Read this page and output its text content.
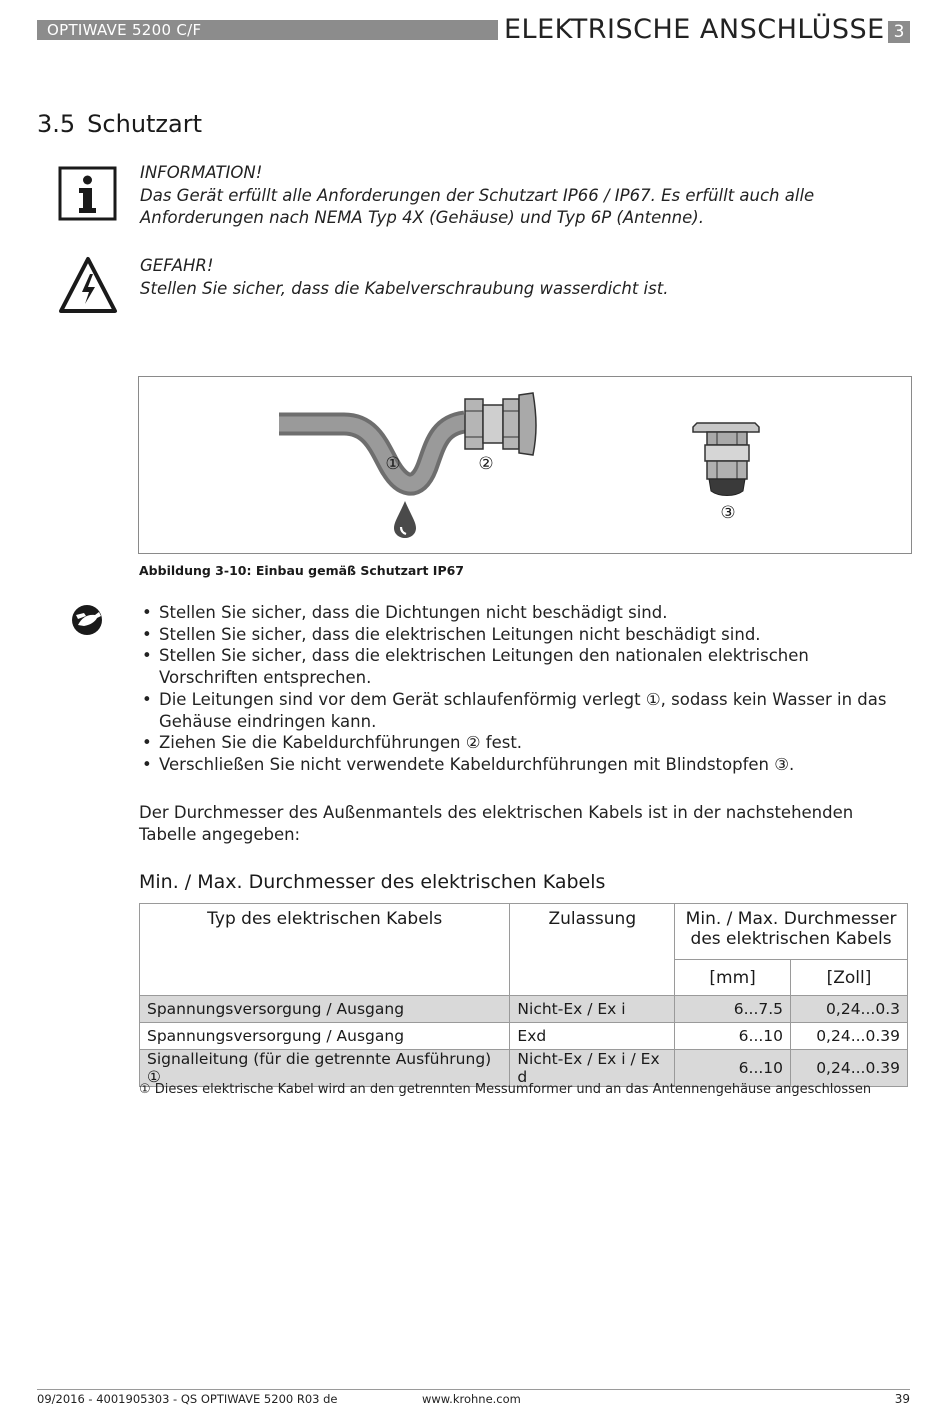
OPTIWAVE 5200 C/F	ELEKTRISCHE ANSCHLÜSSE 3
3.5 Schutzart
INFORMATION!
Das Gerät erfüllt alle Anforderungen der Schutzart IP66 / IP67. Es erfüllt auch alle
Anforderungen nach NEMA Typ 4X (Gehäuse) und Typ 6P (Antenne).
GEFAHR!
Stellen Sie sicher, dass die Kabelverschraubung wasserdicht ist.
①	②
③
Abbildung 3-10: Einbau gemäß Schutzart IP67
• Stellen Sie sicher, dass die Dichtungen nicht beschädigt sind.
• Stellen Sie sicher, dass die elektrischen Leitungen nicht beschädigt sind.
• Stellen Sie sicher, dass die elektrischen Leitungen den nationalen elektrischen Vorschriften entsprechen.
• Die Leitungen sind vor dem Gerät schlaufenförmig verlegt ①, sodass kein Wasser in das Gehäuse eindringen kann.
• Ziehen Sie die Kabeldurchführungen ② fest.
• Verschließen Sie nicht verwendete Kabeldurchführungen mit Blindstopfen ③.
Der Durchmesser des Außenmantels des elektrischen Kabels ist in der nachstehenden Tabelle angegeben:
Min. / Max. Durchmesser des elektrischen Kabels
Typ des elektrischen Kabels	Zulassung	Min. / Max. Durchmesser des elektrischen Kabels	
		[mm]	[Zoll]
Spannungsversorgung / Ausgang	Nicht-Ex / Ex i	6...7.5	0,24...0.3
Spannungsversorgung / Ausgang	Exd	6...10	0,24...0.39
Signalleitung (für die getrennte Ausführung) ①	Nicht-Ex / Ex i / Ex d	6...10	0,24...0.39
① Dieses elektrische Kabel wird an den getrennten Messumformer und an das Antennengehäuse angeschlossen
09/2016 - 4001905303 - QS OPTIWAVE 5200 R03 de	www.krohne.com	39
